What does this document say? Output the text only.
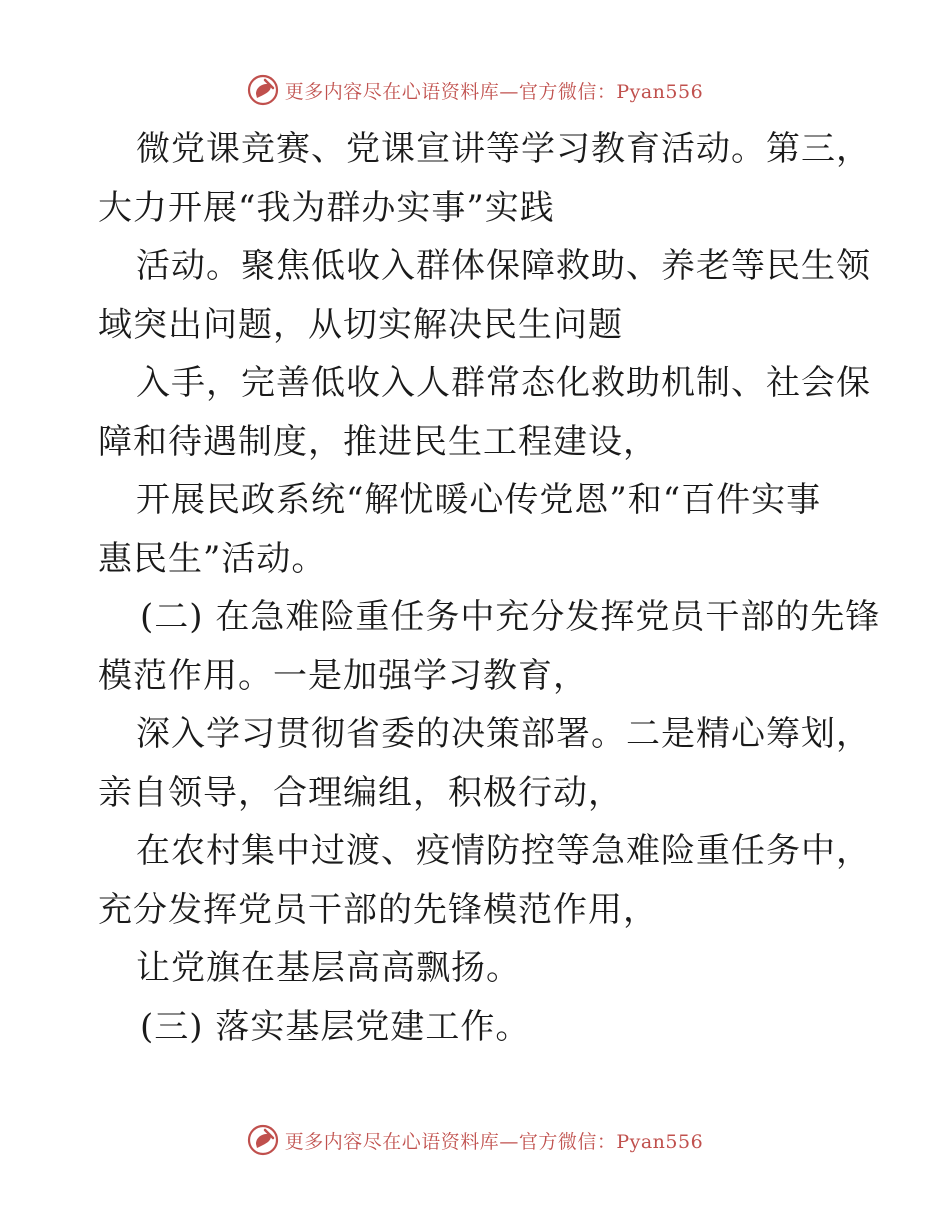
更多内容尽在心语资料库—官方微信：Pyan556
微党课竞赛、党课宣讲等学习教育活动。第三，
大力开展“我为群办实事”实践
活动。聚焦低收入群体保障救助、养老等民生领
域突出问题，从切实解决民生问题
入手，完善低收入人群常态化救助机制、社会保
障和待遇制度，推进民生工程建设，
开展民政系统“解忧暖心传党恩”和“百件实事
惠民生”活动。
(二) 在急难险重任务中充分发挥党员干部的先锋
模范作用。一是加强学习教育，
深入学习贯彻省委的决策部署。二是精心筹划，
亲自领导，合理编组，积极行动，
在农村集中过渡、疫情防控等急难险重任务中，
充分发挥党员干部的先锋模范作用，
让党旗在基层高高飘扬。
(三) 落实基层党建工作。
更多内容尽在心语资料库—官方微信：Pyan556
